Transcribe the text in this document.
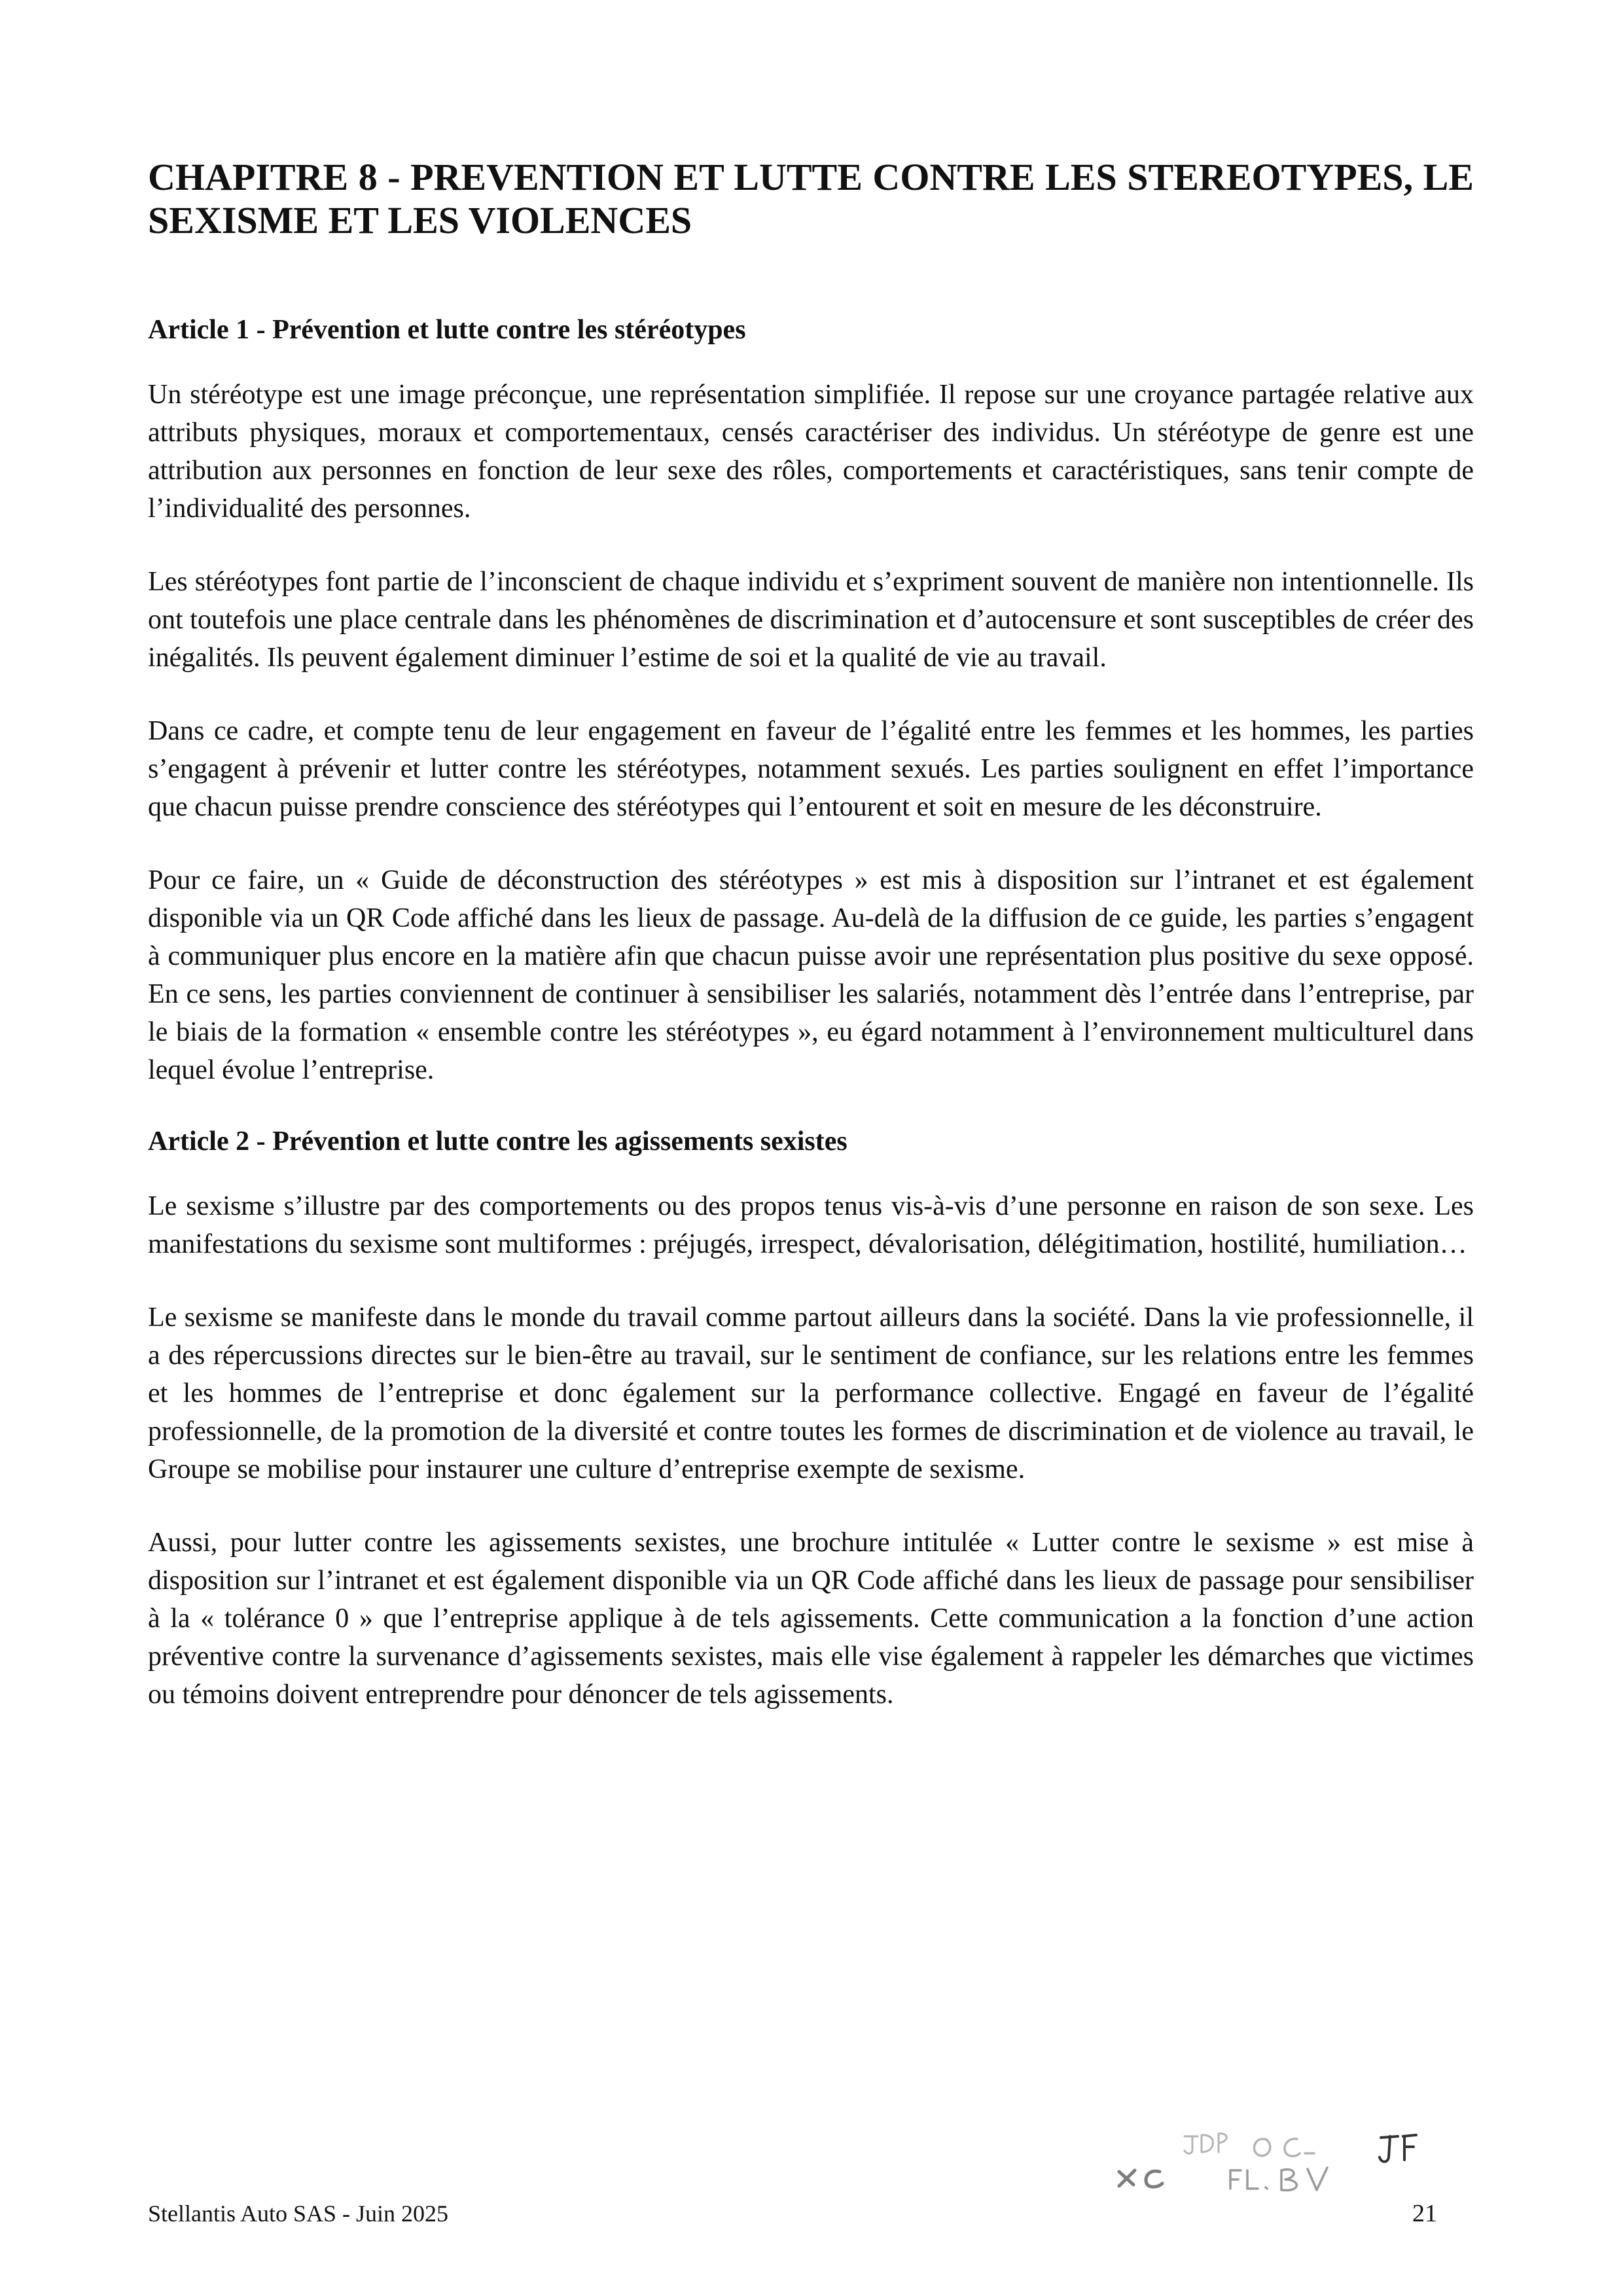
CHAPITRE 8 - PREVENTION ET LUTTE CONTRE LES STEREOTYPES, LE SEXISME ET LES VIOLENCES
Article 1 - Prévention et lutte contre les stéréotypes

Un stéréotype est une image préconçue, une représentation simplifiée. Il repose sur une croyance partagée relative aux attributs physiques, moraux et comportementaux, censés caractériser des individus. Un stéréotype de genre est une attribution aux personnes en fonction de leur sexe des rôles, comportements et caractéristiques, sans tenir compte de l’individualité des personnes.

Les stéréotypes font partie de l’inconscient de chaque individu et s’expriment souvent de manière non intentionnelle. Ils ont toutefois une place centrale dans les phénomènes de discrimination et d’autocensure et sont susceptibles de créer des inégalités. Ils peuvent également diminuer l’estime de soi et la qualité de vie au travail.

Dans ce cadre, et compte tenu de leur engagement en faveur de l’égalité entre les femmes et les hommes, les parties s’engagent à prévenir et lutter contre les stéréotypes, notamment sexués. Les parties soulignent en effet l’importance que chacun puisse prendre conscience des stéréotypes qui l’entourent et soit en mesure de les déconstruire.

Pour ce faire, un « Guide de déconstruction des stéréotypes » est mis à disposition sur l’intranet et est également disponible via un QR Code affiché dans les lieux de passage. Au-delà de la diffusion de ce guide, les parties s’engagent à communiquer plus encore en la matière afin que chacun puisse avoir une représentation plus positive du sexe opposé. En ce sens, les parties conviennent de continuer à sensibiliser les salariés, notamment dès l’entrée dans l’entreprise, par le biais de la formation « ensemble contre les stéréotypes », eu égard notamment à l’environnement multiculturel dans lequel évolue l’entreprise.

Article 2 - Prévention et lutte contre les agissements sexistes

Le sexisme s’illustre par des comportements ou des propos tenus vis-à-vis d’une personne en raison de son sexe. Les manifestations du sexisme sont multiformes : préjugés, irrespect, dévalorisation, délégitimation, hostilité, humiliation…

Le sexisme se manifeste dans le monde du travail comme partout ailleurs dans la société. Dans la vie professionnelle, il a des répercussions directes sur le bien-être au travail, sur le sentiment de confiance, sur les relations entre les femmes et les hommes de l’entreprise et donc également sur la performance collective. Engagé en faveur de l’égalité professionnelle, de la promotion de la diversité et contre toutes les formes de discrimination et de violence au travail, le Groupe se mobilise pour instaurer une culture d’entreprise exempte de sexisme.

Aussi, pour lutter contre les agissements sexistes, une brochure intitulée « Lutter contre le sexisme » est mise à disposition sur l’intranet et est également disponible via un QR Code affiché dans les lieux de passage pour sensibiliser à la « tolérance 0 » que l’entreprise applique à de tels agissements. Cette communication a la fonction d’une action préventive contre la survenance d’agissements sexistes, mais elle vise également à rappeler les démarches que victimes ou témoins doivent entreprendre pour dénoncer de tels agissements.

Stellantis Auto SAS - Juin 2025	21
